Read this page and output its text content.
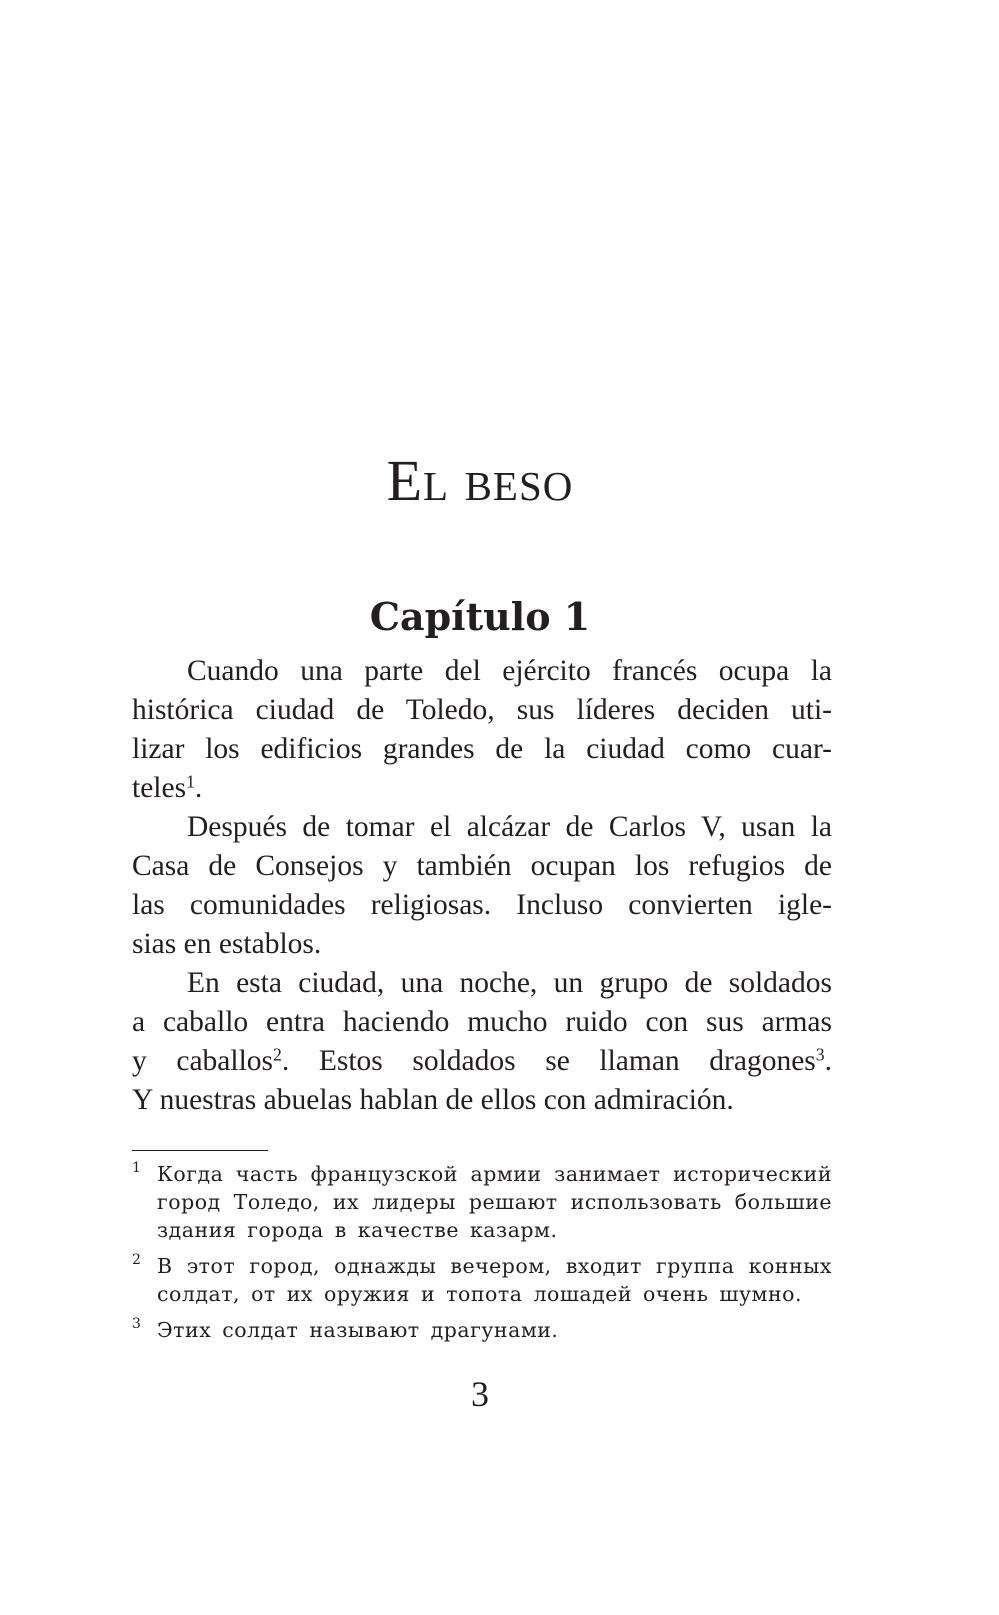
El beso
Capítulo 1
Cuando una parte del ejército francés ocupa la
histórica ciudad de Toledo, sus líderes deciden uti-
lizar los edificios grandes de la ciudad como cuar-
teles$^1$.
Después de tomar el alcázar de Carlos V, usan la
Casa de Consejos y también ocupan los refugios de
las comunidades religiosas. Incluso convierten igle-
sias en establos.
En esta ciudad, una noche, un grupo de soldados
a caballo entra haciendo mucho ruido con sus armas
y caballos$^2$. Estos soldados se llaman dragones$^3$.
Y nuestras abuelas hablan de ellos con admiración.
1 Когда часть французской армии занимает исторический
город Толедо, их лидеры решают использовать большие
здания города в качестве казарм.
2 В этот город, однажды вечером, входит группа конных
солдат, от их оружия и топота лошадей очень шумно.
3 Этих солдат называют драгунами.
3
